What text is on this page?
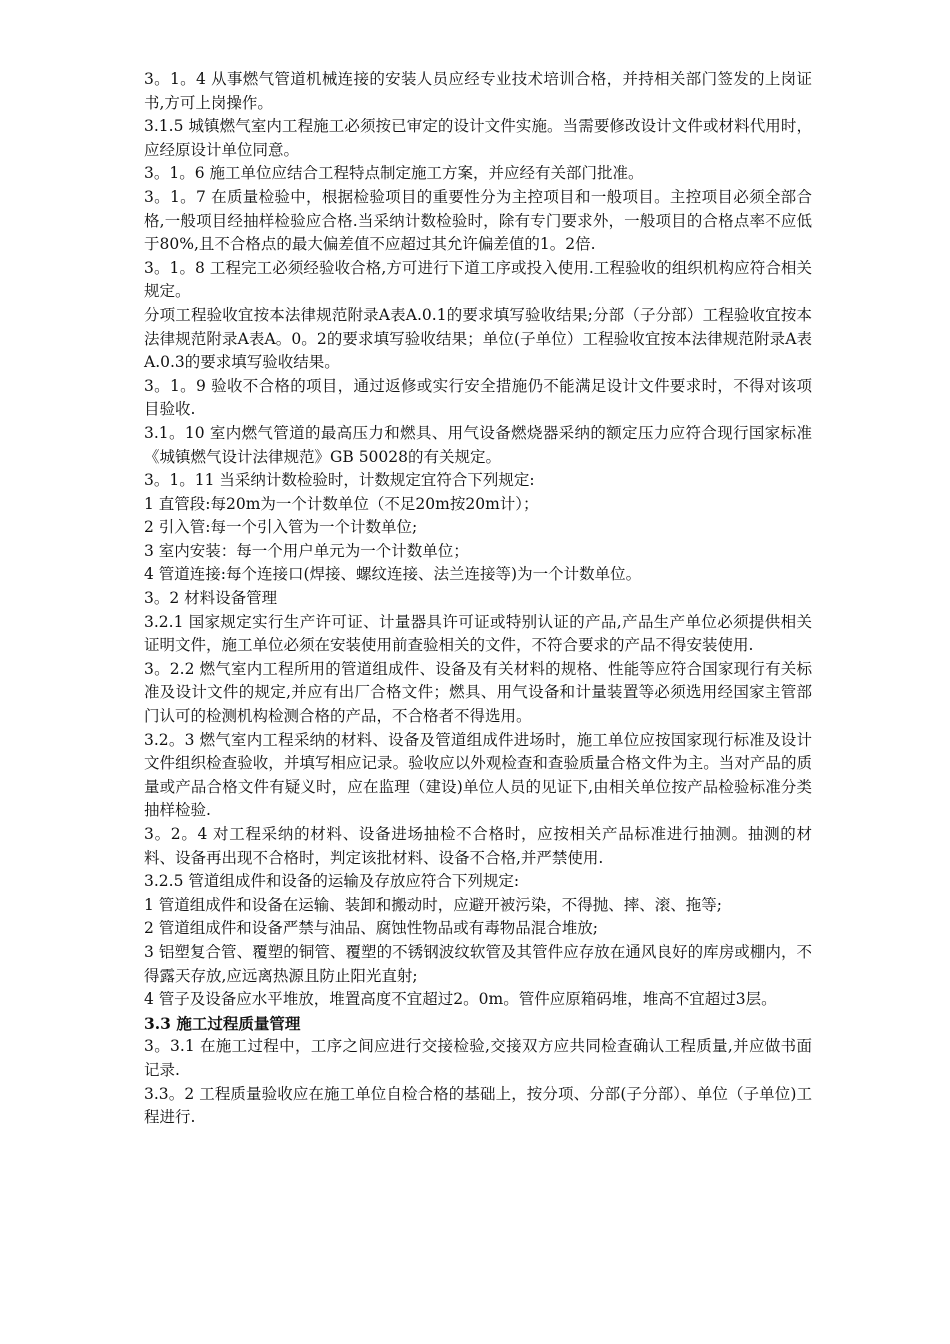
3。1。4 从事燃气管道机械连接的安装人员应经专业技术培训合格，并持相关部门签发的上岗证书,方可上岗操作。

3.1.5 城镇燃气室内工程施工必须按已审定的设计文件实施。当需要修改设计文件或材料代用时，应经原设计单位同意。

3。1。6 施工单位应结合工程特点制定施工方案，并应经有关部门批准。

3。1。7 在质量检验中，根据检验项目的重要性分为主控项目和一般项目。主控项目必须全部合格,一般项目经抽样检验应合格.当采纳计数检验时，除有专门要求外，一般项目的合格点率不应低于80%,且不合格点的最大偏差值不应超过其允许偏差值的1。2倍.

3。1。8 工程完工必须经验收合格,方可进行下道工序或投入使用.工程验收的组织机构应符合相关规定。

分项工程验收宜按本法律规范附录A表A.0.1的要求填写验收结果;分部（子分部）工程验收宜按本法律规范附录A表A。0。2的要求填写验收结果；单位(子单位）工程验收宜按本法律规范附录A表A.0.3的要求填写验收结果。

3。1。9 验收不合格的项目，通过返修或实行安全措施仍不能满足设计文件要求时，不得对该项目验收.

3.1。10 室内燃气管道的最高压力和燃具、用气设备燃烧器采纳的额定压力应符合现行国家标准《城镇燃气设计法律规范》GB 50028的有关规定。

3。1。11 当采纳计数检验时，计数规定宜符合下列规定:

1 直管段:每20m为一个计数单位（不足20m按20m计）；

2 引入管:每一个引入管为一个计数单位;

3 室内安装：每一个用户单元为一个计数单位；

4 管道连接:每个连接口(焊接、螺纹连接、法兰连接等)为一个计数单位。

3。2 材料设备管理

3.2.1 国家规定实行生产许可证、计量器具许可证或特别认证的产品,产品生产单位必须提供相关证明文件，施工单位必须在安装使用前查验相关的文件，不符合要求的产品不得安装使用.

3。2.2 燃气室内工程所用的管道组成件、设备及有关材料的规格、性能等应符合国家现行有关标准及设计文件的规定,并应有出厂合格文件；燃具、用气设备和计量装置等必须选用经国家主管部门认可的检测机构检测合格的产品，不合格者不得选用。

3.2。3 燃气室内工程采纳的材料、设备及管道组成件进场时，施工单位应按国家现行标准及设计文件组织检查验收，并填写相应记录。验收应以外观检查和查验质量合格文件为主。当对产品的质量或产品合格文件有疑义时，应在监理（建设)单位人员的见证下,由相关单位按产品检验标准分类抽样检验.

3。2。4 对工程采纳的材料、设备进场抽检不合格时，应按相关产品标准进行抽测。抽测的材料、设备再出现不合格时，判定该批材料、设备不合格,并严禁使用.

3.2.5 管道组成件和设备的运输及存放应符合下列规定:

1 管道组成件和设备在运输、装卸和搬动时，应避开被污染，不得抛、摔、滚、拖等;

2 管道组成件和设备严禁与油品、腐蚀性物品或有毒物品混合堆放;

3 铝塑复合管、覆塑的铜管、覆塑的不锈钢波纹软管及其管件应存放在通风良好的库房或棚内，不得露天存放,应远离热源且防止阳光直射;

4 管子及设备应水平堆放，堆置高度不宜超过2。0m。管件应原箱码堆，堆高不宜超过3层。

3.3 施工过程质量管理

3。3.1 在施工过程中，工序之间应进行交接检验,交接双方应共同检查确认工程质量,并应做书面记录.

3.3。2 工程质量验收应在施工单位自检合格的基础上，按分项、分部(子分部）、单位（子单位)工程进行.
